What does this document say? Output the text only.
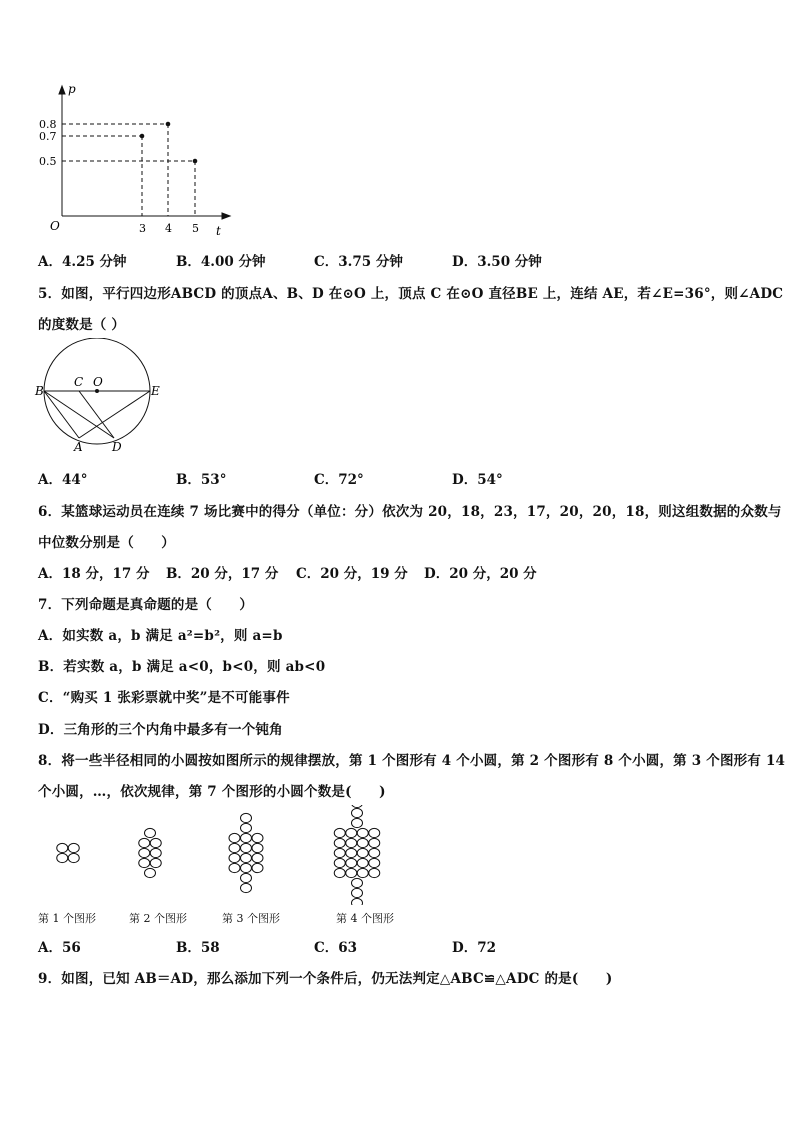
p
t
O
0.8
0.7
0.5
3 4 5
A．4.25 分钟	B．4.00 分钟	C．3.75 分钟	D．3.50 分钟
5．如图，平行四边形ABCD 的顶点A、B、D 在⊙O 上，顶点 C 在⊙O 直径BE 上，连结 AE，若∠E=36°，则∠ADC
的度数是（ ）
B
C O
E
A D
A．44°	B．53°	C．72°	D．54°
6．某篮球运动员在连续 7 场比赛中的得分（单位：分）依次为 20，18，23，17，20，20，18，则这组数据的众数与
中位数分别是（　　）
A．18 分，17 分 B．20 分，17 分 C．20 分，19 分 D．20 分，20 分
7．下列命题是真命题的是（　　）
A．如实数 a，b 满足 a²=b²，则 a=b
B．若实数 a，b 满足 a<0，b<0，则 ab<0
C．“购买 1 张彩票就中奖”是不可能事件
D．三角形的三个内角中最多有一个钝角
8．将一些半径相同的小圆按如图所示的规律摆放，第 1 个图形有 4 个小圆，第 2 个图形有 8 个小圆，第 3 个图形有 14
个小圆，…，依次规律，第 7 个图形的小圆个数是(　　)
第 1 个图形	第 2 个图形	第 3 个图形	第 4 个图形
A．56	B．58	C．63	D．72
9．如图，已知 AB＝AD，那么添加下列一个条件后，仍无法判定△ABC≌△ADC 的是(　　)
